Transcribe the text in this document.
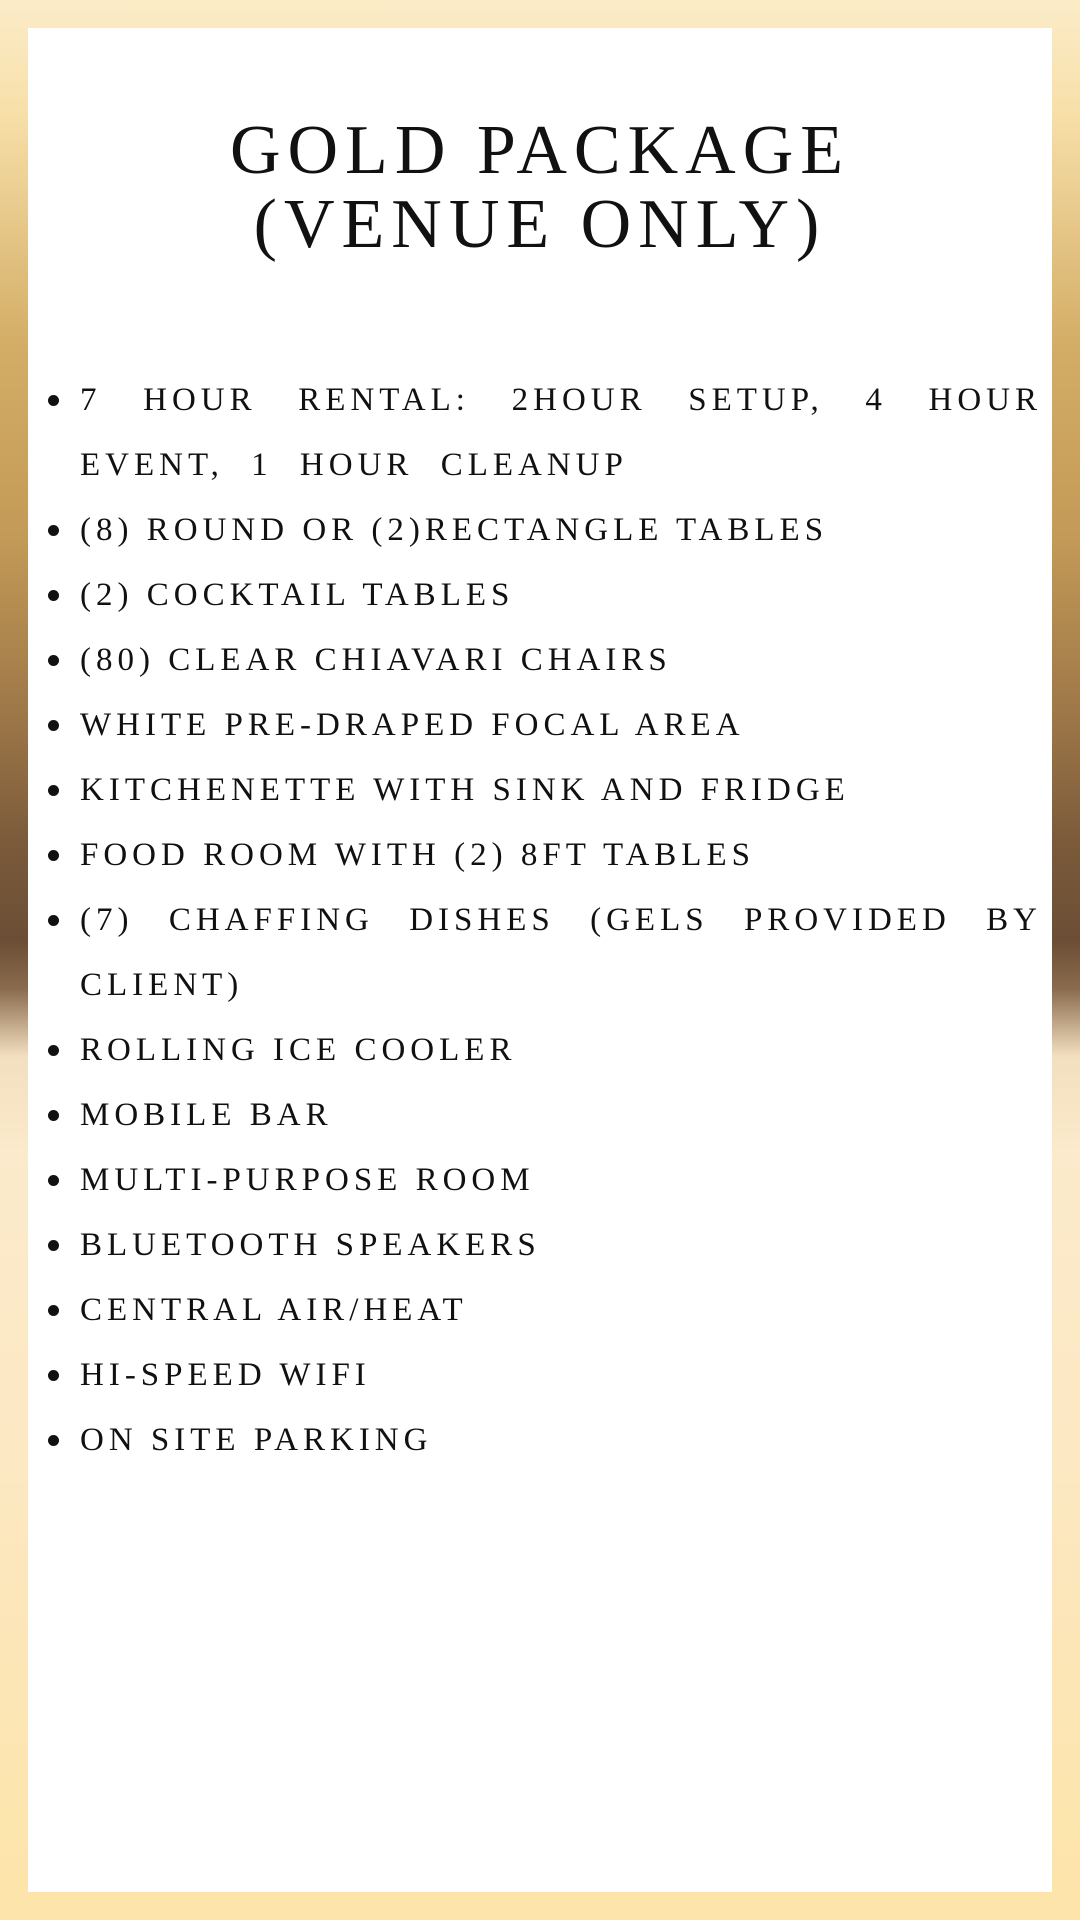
GOLD PACKAGE
(VENUE ONLY)
7 HOUR RENTAL: 2HOUR SETUP, 4 HOUR EVENT, 1 HOUR CLEANUP
(8) ROUND OR (2)RECTANGLE TABLES
(2) COCKTAIL TABLES
(80) CLEAR CHIAVARI CHAIRS
WHITE PRE-DRAPED FOCAL AREA
KITCHENETTE WITH SINK AND FRIDGE
FOOD ROOM WITH (2) 8FT TABLES
(7) CHAFFING DISHES (GELS PROVIDED BY CLIENT)
ROLLING ICE COOLER
MOBILE BAR
MULTI-PURPOSE ROOM
BLUETOOTH SPEAKERS
CENTRAL AIR/HEAT
HI-SPEED WIFI
ON SITE PARKING
